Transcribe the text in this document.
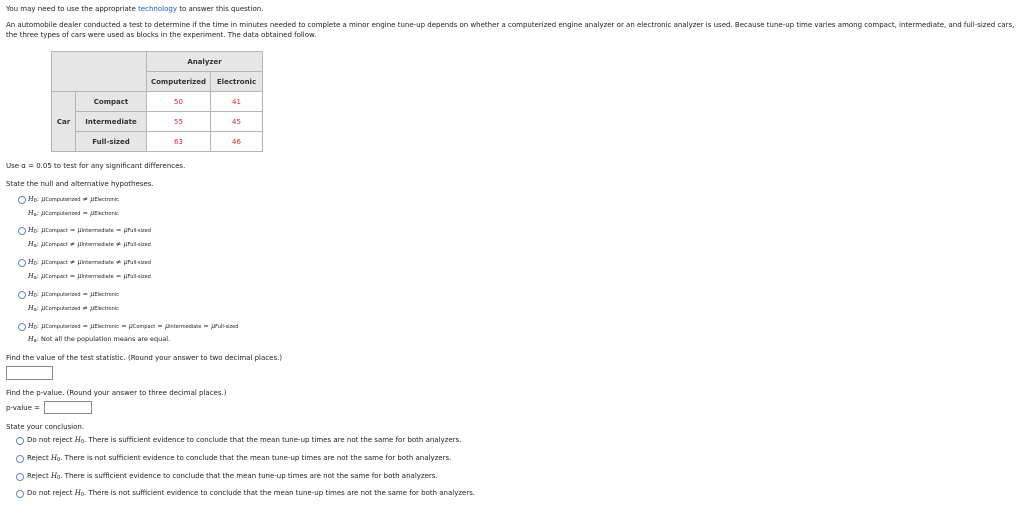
You may need to use the appropriate technology to answer this question.
An automobile dealer conducted a test to determine if the time in minutes needed to complete a minor engine tune-up depends on whether a computerized engine analyzer or an electronic analyzer is used. Because tune-up time varies among compact, intermediate, and full-sized cars, the three types of cars were used as blocks in the experiment. The data obtained follow.
		Analyzer	
		Computerized	Electronic
Car	Compact	50	41
	Intermediate	55	45
	Full-sized	63	46
Use α = 0.05 to test for any significant differences.
State the null and alternative hypotheses.
H0: μComputerized ≠ μElectronic
Ha: μComputerized = μElectronic
H0: μCompact = μIntermediate = μFull-sized
Ha: μCompact ≠ μIntermediate ≠ μFull-sized
H0: μCompact ≠ μIntermediate ≠ μFull-sized
Ha: μCompact = μIntermediate = μFull-sized
H0: μComputerized = μElectronic
Ha: μComputerized ≠ μElectronic
H0: μComputerized = μElectronic = μCompact = μIntermediate = μFull-sized
Ha: Not all the population means are equal.
Find the value of the test statistic. (Round your answer to two decimal places.)
Find the p-value. (Round your answer to three decimal places.)
p-value =
State your conclusion.
Do not reject H0. There is sufficient evidence to conclude that the mean tune-up times are not the same for both analyzers.
Reject H0. There is not sufficient evidence to conclude that the mean tune-up times are not the same for both analyzers.
Reject H0. There is sufficient evidence to conclude that the mean tune-up times are not the same for both analyzers.
Do not reject H0. There is not sufficient evidence to conclude that the mean tune-up times are not the same for both analyzers.
